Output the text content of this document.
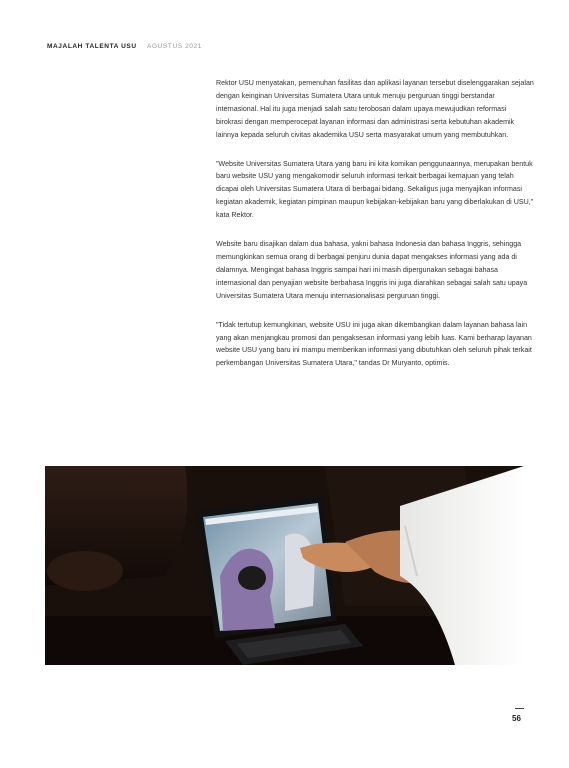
MAJALAH TALENTA USU AGUSTUS 2021

Rektor USU menyatakan, pemenuhan fasilitas dan aplikasi layanan tersebut diselenggarakan sejalan dengan keinginan Universitas Sumatera Utara untuk menuju perguruan tinggi berstandar internasional. Hal itu juga menjadi salah satu terobosan dalam upaya mewujudkan reformasi birokrasi dengan memperocepat layanan informasi dan administrasi serta kebutuhan akademik lainnya kepada seluruh civitas akademika USU serta masyarakat umum yang membutuhkan.

"Website Universitas Sumatera Utara yang baru ini kita komikan penggunaannya, merupakan bentuk baru website USU yang mengakomodir seluruh informasi terkait berbagai kemajuan yang telah dicapai oleh Universitas Sumatera Utara di berbagai bidang. Sekaligus juga menyajikan informasi kegiatan akademik, kegiatan pimpinan maupun kebijakan-kebijakan baru yang diberlakukan di USU," kata Rektor.

Website baru disajikan dalam dua bahasa, yakni bahasa Indonesia dan bahasa Inggris, sehingga memungkinkan semua orang di berbagai penjuru dunia dapat mengakses informasi yang ada di dalamnya. Mengingat bahasa Inggris sampai hari ini masih dipergunakan sebagai bahasa internasional dan penyajian website berbahasa Inggris ini juga diarahkan sebagai salah satu upaya Universitas Sumatera Utara menuju internasionalisasi perguruan tinggi.

"Tidak tertutup kemungkinan, website USU ini juga akan dikembangkan dalam layanan bahasa lain yang akan menjangkau promosi dan pengaksesan informasi yang lebih luas. Kami berharap layanan website USU yang baru ini mampu memberikan informasi yang dibutuhkan oleh seluruh pihak terkait perkembangan Universitas Sumatera Utara," tandas Dr Muryanto, optimis.

56
